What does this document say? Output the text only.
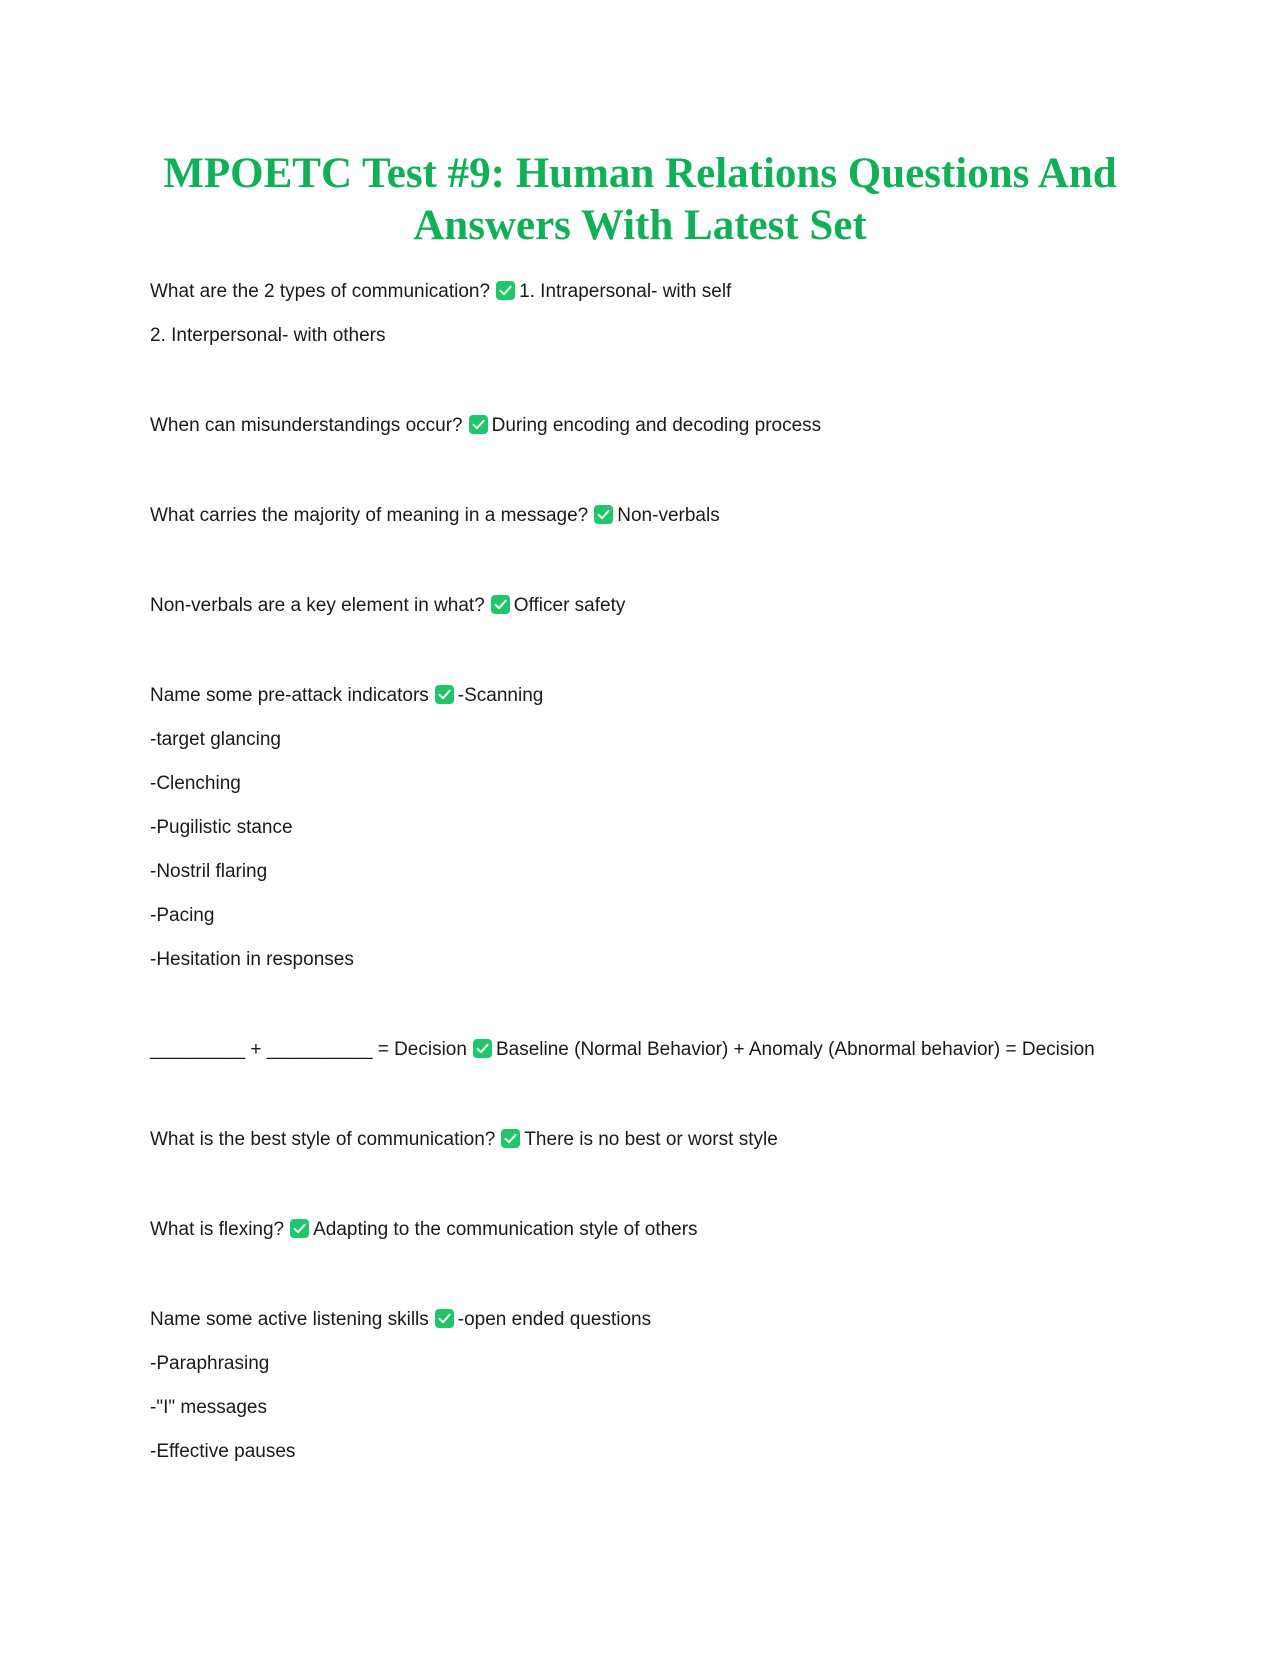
MPOETC Test #9: Human Relations Questions And Answers With Latest Set

What are the 2 types of communication? 1. Intrapersonal- with self

2. Interpersonal- with others

When can misunderstandings occur? During encoding and decoding process

What carries the majority of meaning in a message? Non-verbals

Non-verbals are a key element in what? Officer safety

Name some pre-attack indicators -Scanning

-target glancing

-Clenching

-Pugilistic stance

-Nostril flaring

-Pacing

-Hesitation in responses

_________ + __________ = Decision Baseline (Normal Behavior) + Anomaly (Abnormal behavior) = Decision

What is the best style of communication? There is no best or worst style

What is flexing? Adapting to the communication style of others

Name some active listening skills -open ended questions

-Paraphrasing

-"I" messages

-Effective pauses
